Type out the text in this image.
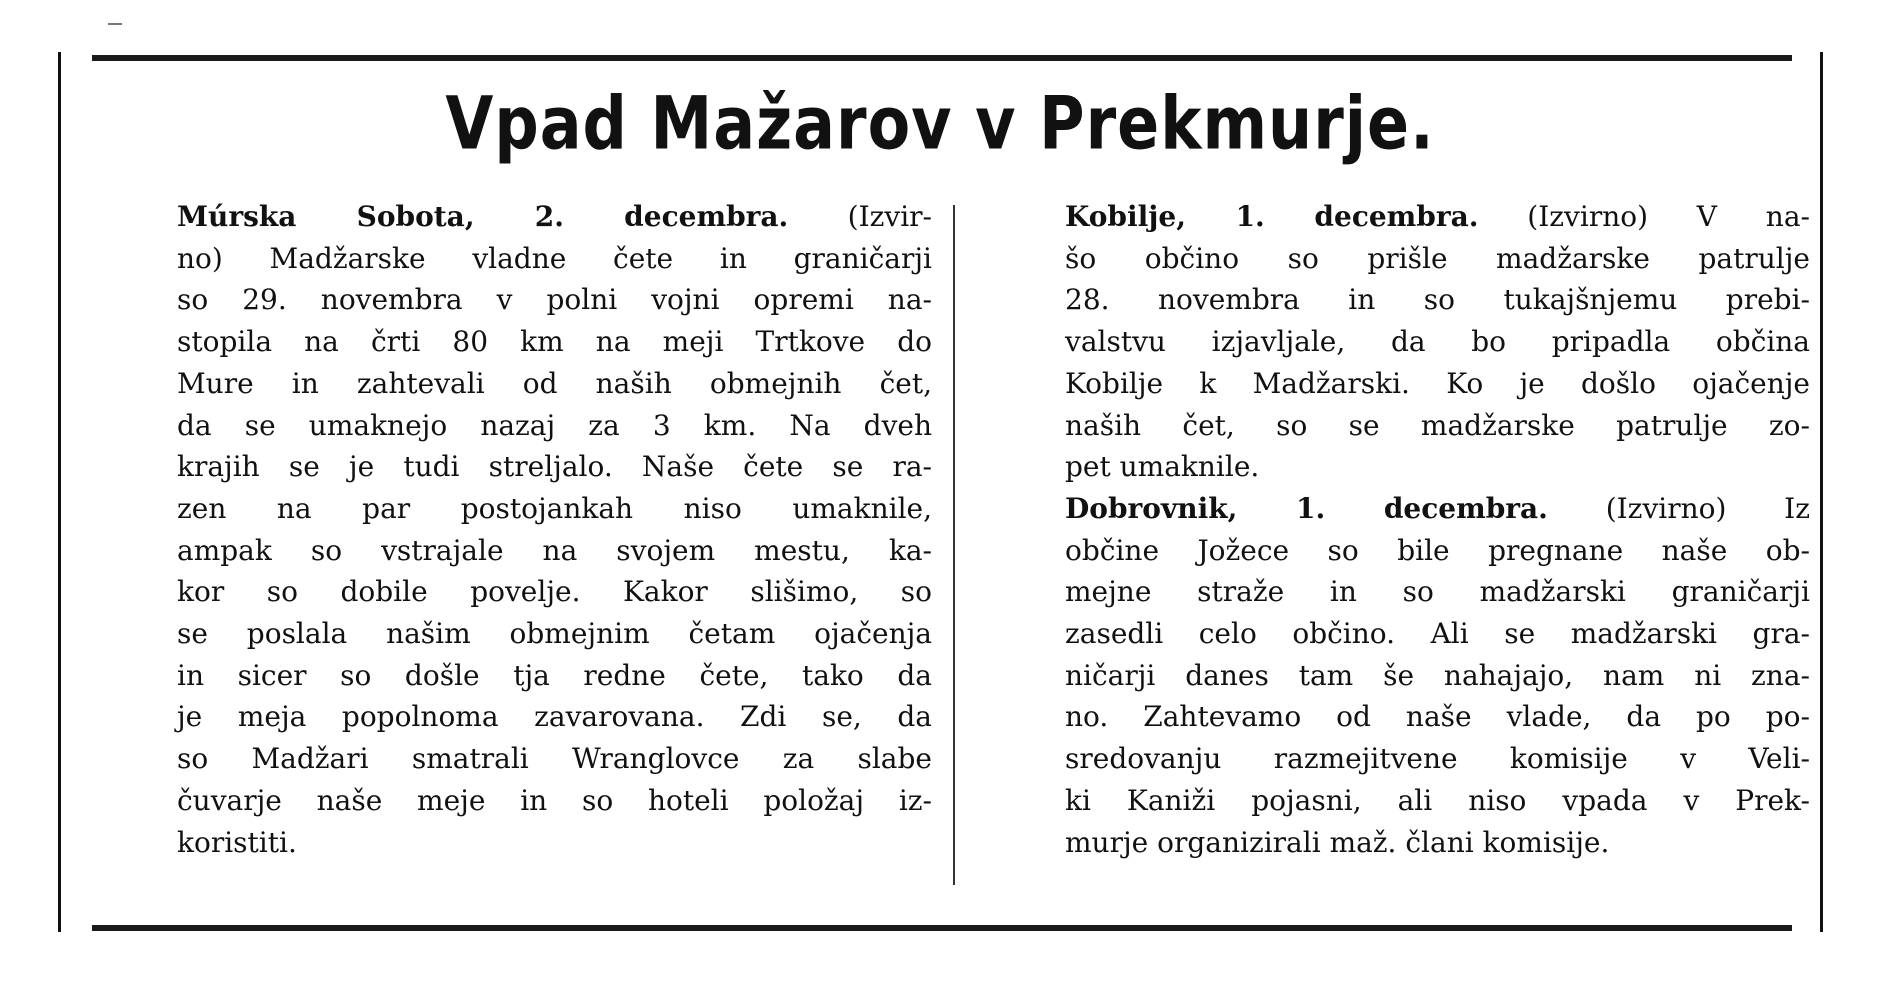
Vpad Mažarov v Prekmurje.
Múrska Sobota, 2. decembra. (Izvir-
no) Madžarske vladne čete in graničarji
so 29. novembra v polni vojni opremi na-
stopila na črti 80 km na meji Trtkove do
Mure in zahtevali od naših obmejnih čet,
da se umaknejo nazaj za 3 km. Na dveh
krajih se je tudi streljalo. Naše čete se ra-
zen na par postojankah niso umaknile,
ampak so vstrajale na svojem mestu, ka-
kor so dobile povelje. Kakor slišimo, so
se poslala našim obmejnim četam ojačenja
in sicer so došle tja redne čete, tako da
je meja popolnoma zavarovana. Zdi se, da
so Madžari smatrali Wranglovce za slabe
čuvarje naše meje in so hoteli položaj iz-
koristiti.
Kobilje, 1. decembra. (Izvirno) V na-
šo občino so prišle madžarske patrulje
28. novembra in so tukajšnjemu prebi-
valstvu izjavljale, da bo pripadla občina
Kobilje k Madžarski. Ko je došlo ojačenje
naših čet, so se madžarske patrulje zo-
pet umaknile.
Dobrovnik, 1. decembra. (Izvirno) Iz
občine Jožece so bile pregnane naše ob-
mejne straže in so madžarski graničarji
zasedli celo občino. Ali se madžarski gra-
ničarji danes tam še nahajajo, nam ni zna-
no. Zahtevamo od naše vlade, da po po-
sredovanju razmejitvene komisije v Veli-
ki Kaniži pojasni, ali niso vpada v Prek-
murje organizirali maž. člani komisije.
